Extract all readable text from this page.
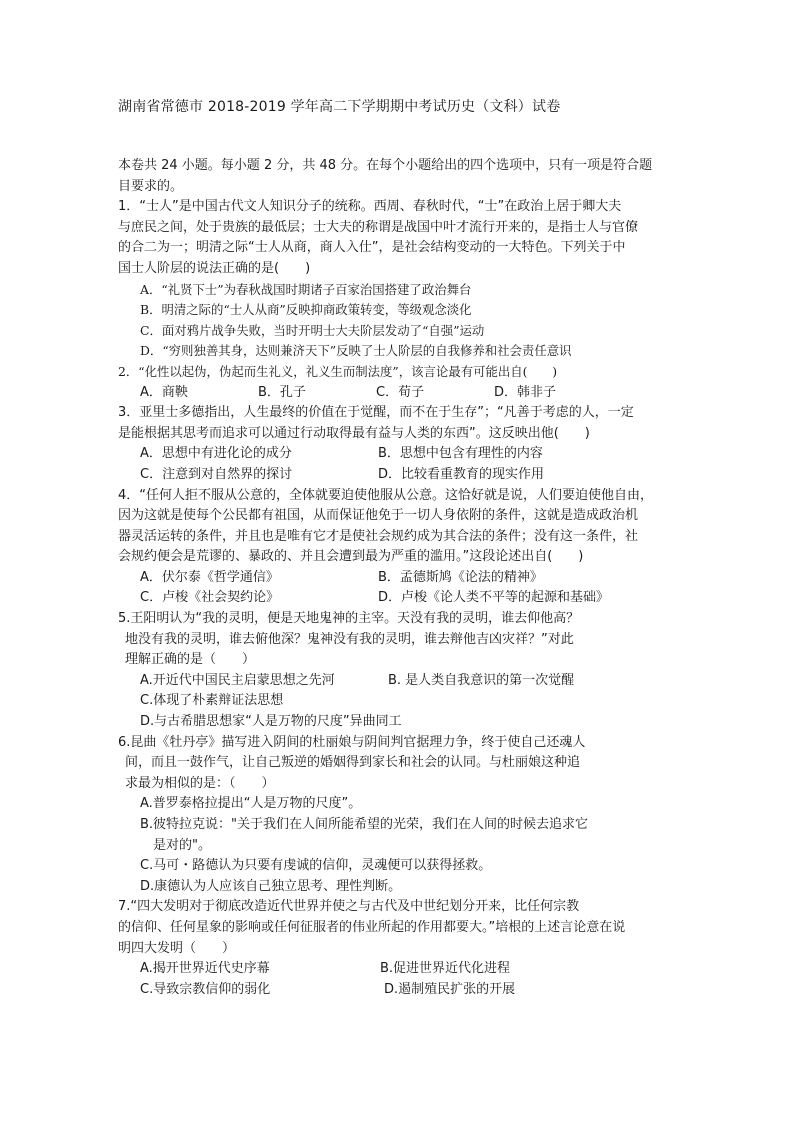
湖南省常德市 2018-2019 学年高二下学期期中考试历史（文科）试卷

本卷共 24 小题。每小题 2 分，共 48 分。在每个小题给出的四个选项中，只有一项是符合题

目要求的。

1．“士人”是中国古代文人知识分子的统称。西周、春秋时代，“士”在政治上居于卿大夫

与庶民之间，处于贵族的最低层；士大夫的称谓是战国中叶才流行开来的，是指士人与官僚

的合二为一；明清之际“士人从商，商人入仕”，是社会结构变动的一大特色。下列关于中

国士人阶层的说法正确的是(　　)

A．“礼贤下士”为春秋战国时期诸子百家治国搭建了政治舞台

B．明清之际的“士人从商”反映抑商政策转变，等级观念淡化

C．面对鸦片战争失败，当时开明士大夫阶层发动了“自强”运动

D．“穷则独善其身，达则兼济天下”反映了士人阶层的自我修养和社会责任意识

2．“化性以起伪，伪起而生礼义，礼义生而制法度”，该言论最有可能出自(　　)

A．商鞅	B．孔子	C．荀子	D．韩非子

3．亚里士多德指出，人生最终的价值在于觉醒，而不在于生存”；“凡善于考虑的人，一定

是能根据其思考而追求可以通过行动取得最有益与人类的东西”。这反映出他(　　)

A．思想中有进化论的成分	B．思想中包含有理性的内容
C．注意到对自然界的探讨	D．比较看重教育的现实作用

4．“任何人拒不服从公意的，全体就要迫使他服从公意。这恰好就是说，人们要迫使他自由，

因为这就是使每个公民都有祖国，从而保证他免于一切人身依附的条件，这就是造成政治机

器灵活运转的条件，并且也是唯有它才是使社会规约成为其合法的条件；没有这一条件，社

会规约便会是荒谬的、暴政的、并且会遭到最为严重的滥用。”这段论述出自(　　)

A．伏尔泰《哲学通信》	B．孟德斯鸠《论法的精神》
C．卢梭《社会契约论》	D．卢梭《论人类不平等的起源和基础》

5.王阳明认为“我的灵明，便是天地鬼神的主宰。天没有我的灵明，谁去仰他高？

地没有我的灵明，谁去俯他深？鬼神没有我的灵明，谁去辩他吉凶灾祥？”对此

理解正确的是（　　）

A.开近代中国民主启蒙思想之先河	B. 是人类自我意识的第一次觉醒

C.体现了朴素辩证法思想

D.与古希腊思想家“人是万物的尺度”异曲同工

6.昆曲《牡丹亭》描写进入阴间的杜丽娘与阴间判官据理力争，终于使自己还魂人

间，而且一鼓作气，让自己叛逆的婚姻得到家长和社会的认同。与杜丽娘这种追

求最为相似的是：（　　）

A.普罗泰格拉提出“人是万物的尺度”。

B.彼特拉克说："关于我们在人间所能希望的光荣，我们在人间的时候去追求它

是对的"。

C.马可・路德认为只要有虔诚的信仰，灵魂便可以获得拯救。

D.康德认为人应该自己独立思考、理性判断。

7.“四大发明对于彻底改造近代世界并使之与古代及中世纪划分开来，比任何宗教

的信仰、任何星象的影响或任何征服者的伟业所起的作用都要大。”培根的上述言论意在说

明四大发明（　　）

A.揭开世界近代史序幕	B.促进世界近代化进程
C.导致宗教信仰的弱化	D.遏制殖民扩张的开展
